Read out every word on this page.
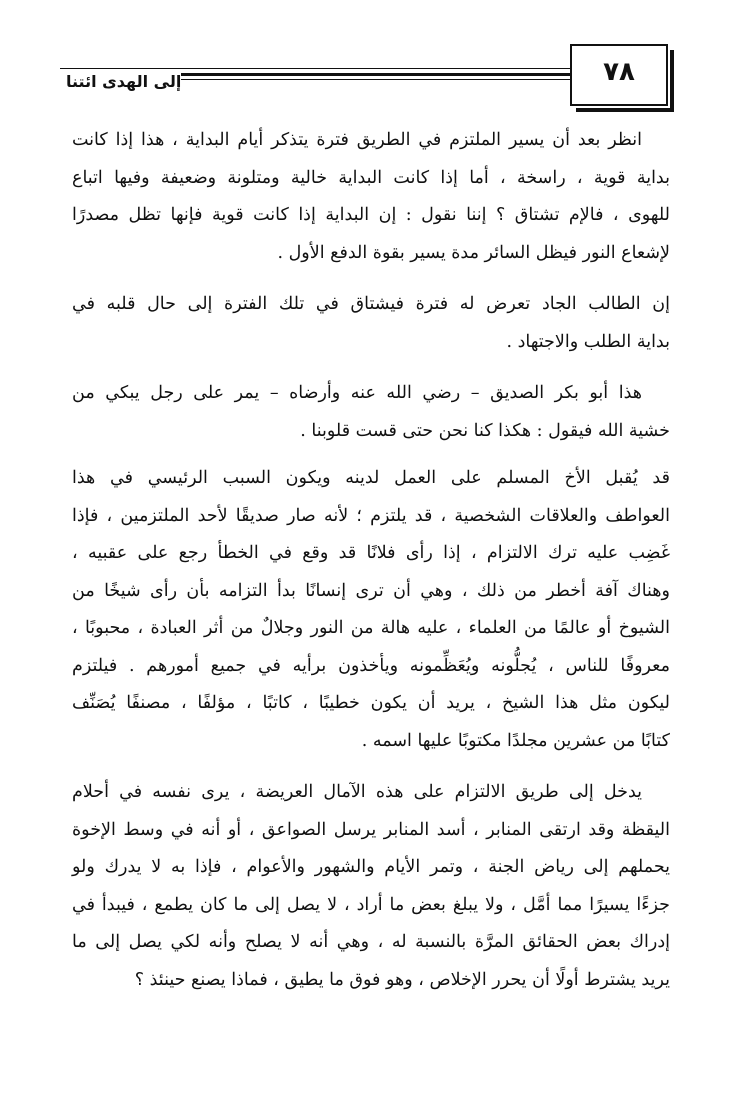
٧٨
إلى الهدى ائتنا
انظر بعد أن يسير الملتزم في الطريق فترة يتذكر أيام البداية ، هذا إذا كانت
بداية قوية ، راسخة ، أما إذا كانت البداية خالية ومتلونة وضعيفة وفيها اتباع
للهوى ، فالإم تشتاق ؟ إننا نقول : إن البداية إذا كانت قوية فإنها تظل مصدرًا
لإشعاع النور فيظل السائر مدة يسير بقوة الدفع الأول .
إن الطالب الجاد تعرض له فترة فيشتاق في تلك الفترة إلى حال قلبه في
بداية الطلب والاجتهاد .
هذا أبو بكر الصديق – رضي الله عنه وأرضاه – يمر على رجل يبكي من
خشية الله فيقول : هكذا كنا نحن حتى قست قلوبنا .
قد يُقبل الأخ المسلم على العمل لدينه ويكون السبب الرئيسي في هذا
العواطف والعلاقات الشخصية ، قد يلتزم ؛ لأنه صار صديقًا لأحد الملتزمين ، فإذا
غَضِب عليه ترك الالتزام ، إذا رأى فلانًا قد وقع في الخطأ رجع على عقبيه ،
وهناك آفة أخطر من ذلك ، وهي أن ترى إنسانًا بدأ التزامه بأن رأى شيخًا من
الشيوخ أو عالمًا من العلماء ، عليه هالة من النور وجلالٌ من أثر العبادة ، محبوبًا ،
معروفًا للناس ، يُجلُّونه ويُعَظِّمونه ويأخذون برأيه في جميع أمورهم . فيلتزم
ليكون مثل هذا الشيخ ، يريد أن يكون خطيبًا ، كاتبًا ، مؤلفًا ، مصنفًا يُصَنِّف
كتابًا من عشرين مجلدًا مكتوبًا عليها اسمه .
يدخل إلى طريق الالتزام على هذه الآمال العريضة ، يرى نفسه في أحلام
اليقظة وقد ارتقى المنابر ، أسد المنابر يرسل الصواعق ، أو أنه في وسط الإخوة
يحملهم إلى رياض الجنة ، وتمر الأيام والشهور والأعوام ، فإذا به لا يدرك ولو
جزءًا يسيرًا مما أمَّل ، ولا يبلغ بعض ما أراد ، لا يصل إلى ما كان يطمع ، فيبدأ في
إدراك بعض الحقائق المرَّة بالنسبة له ، وهي أنه لا يصلح وأنه لكي يصل إلى ما
يريد يشترط أولًا أن يحرر الإخلاص ، وهو فوق ما يطيق ، فماذا يصنع حينئذ ؟
